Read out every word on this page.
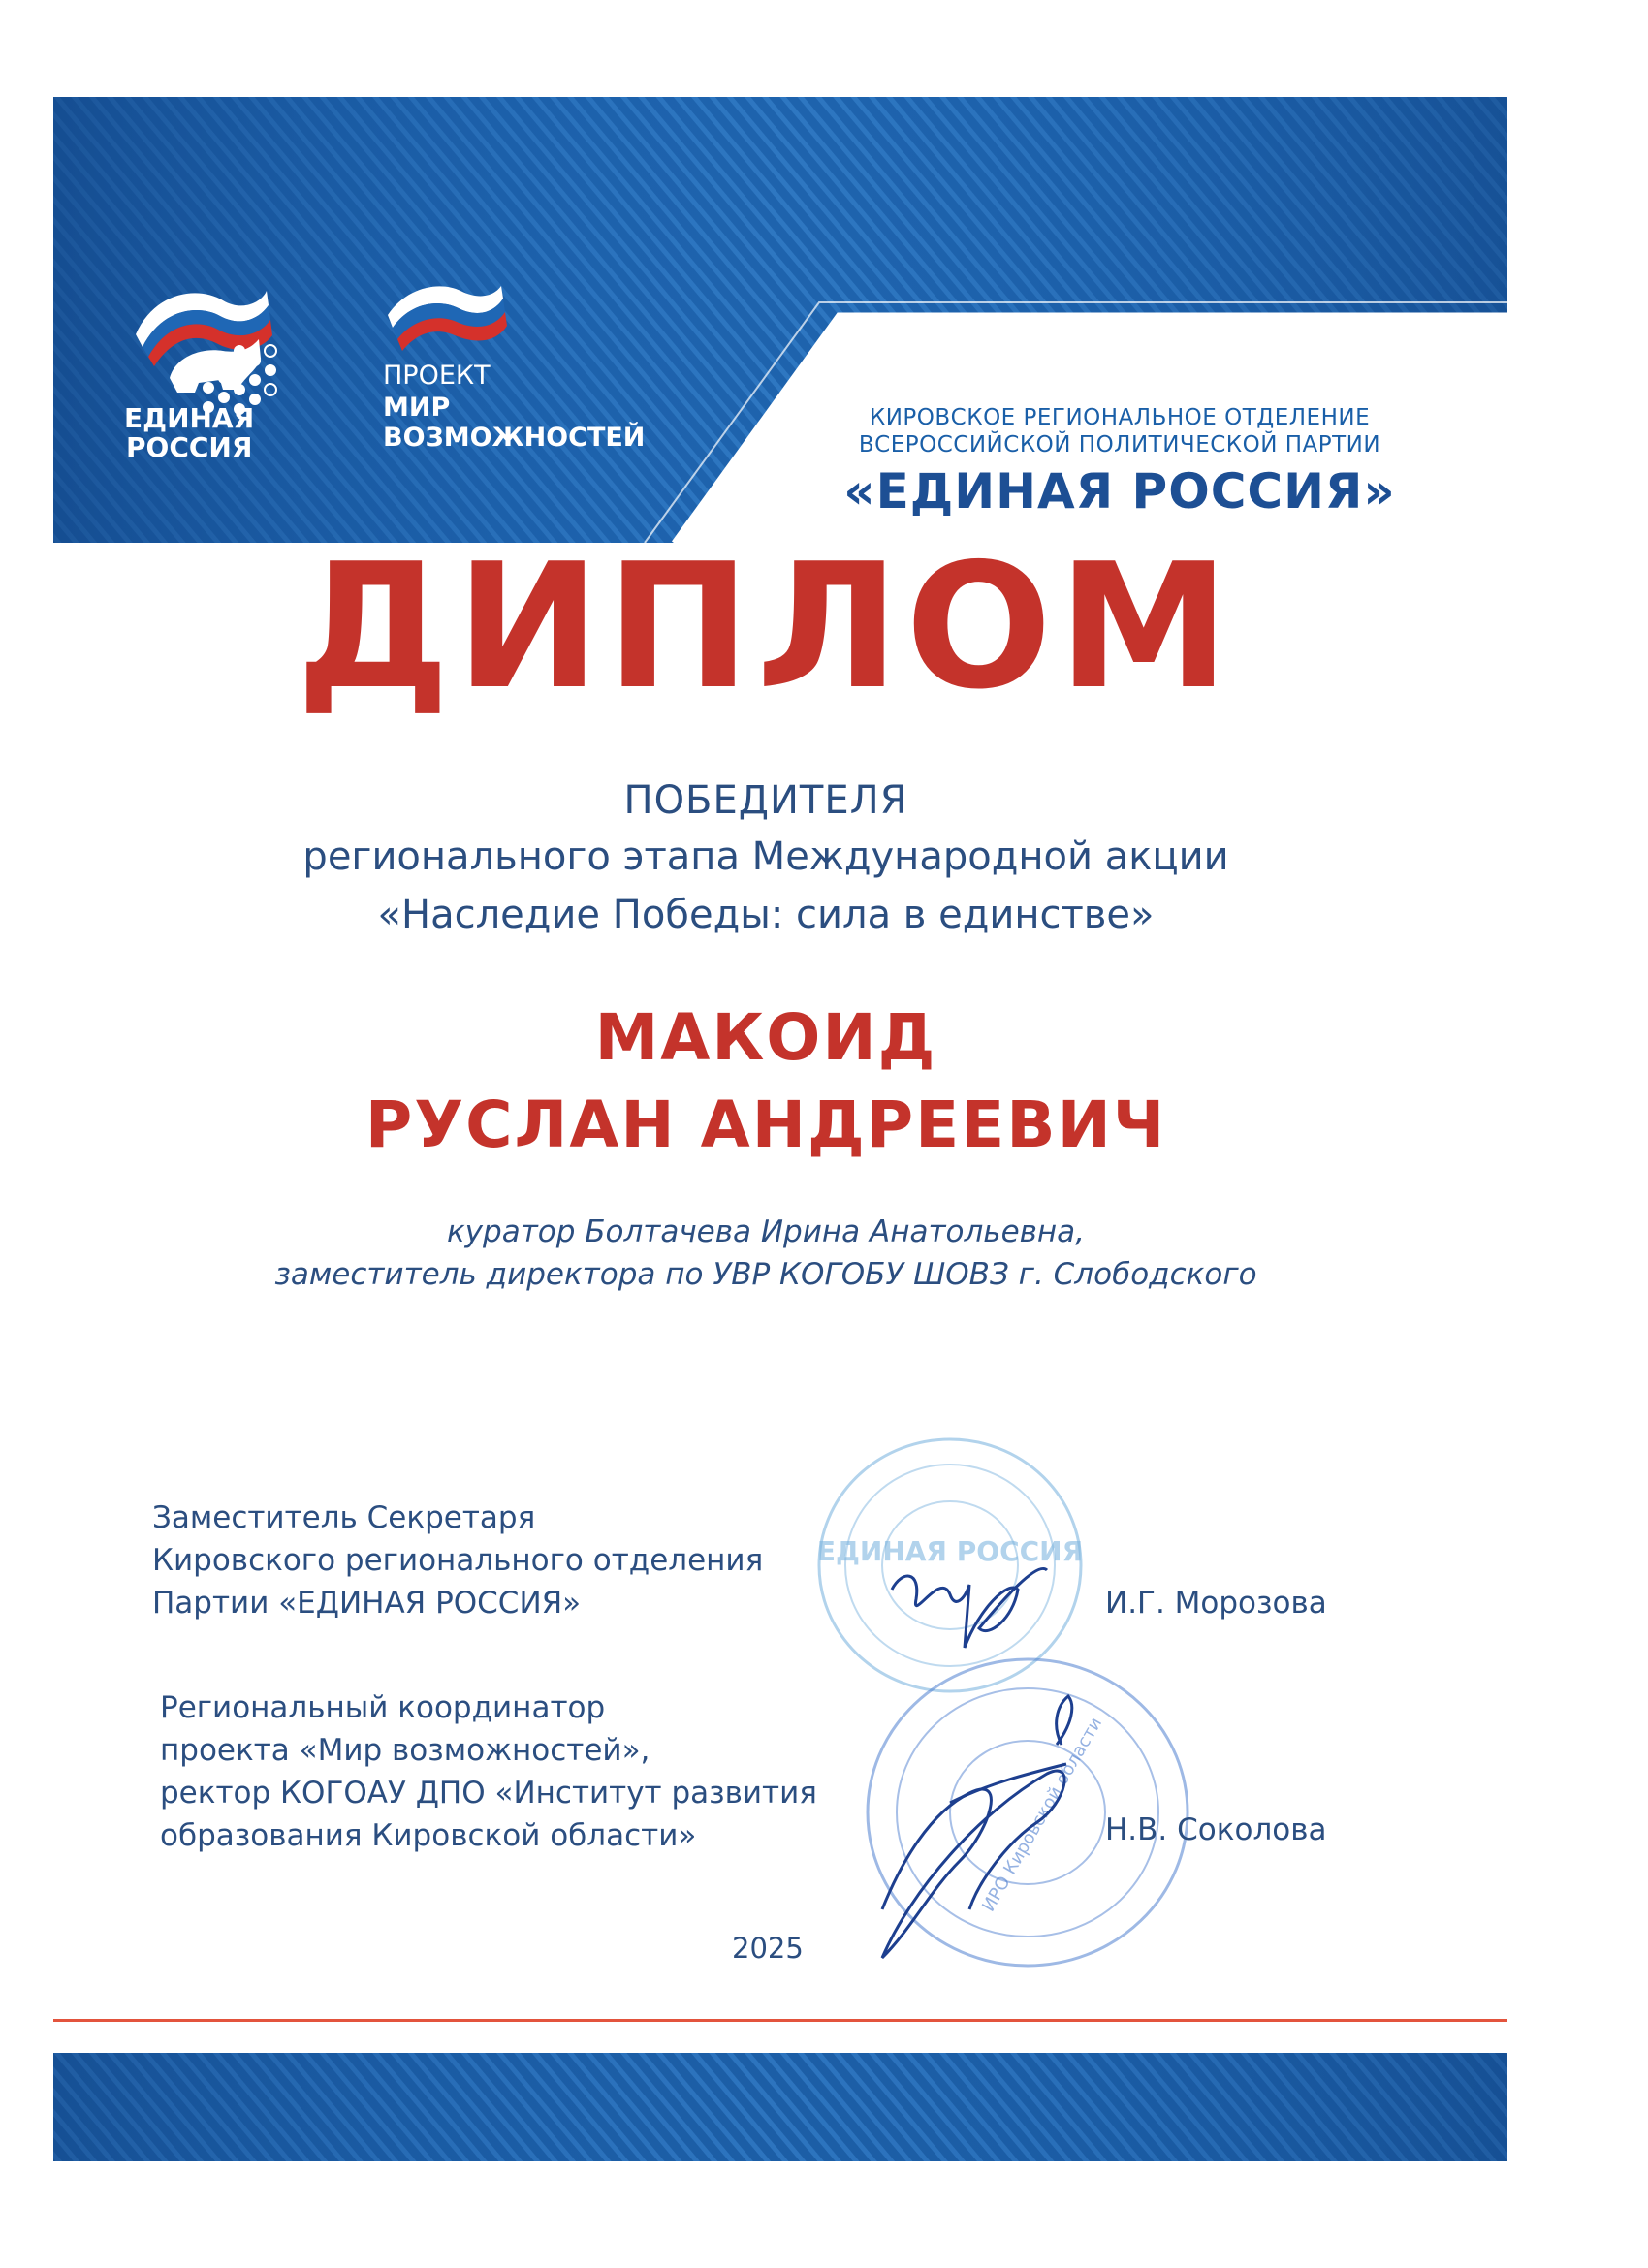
ЕДИНАЯ
РОССИЯ
ПРОЕКТ
МИР
ВОЗМОЖНОСТЕЙ
КИРОВСКОЕ РЕГИОНАЛЬНОЕ ОТДЕЛЕНИЕ
ВСЕРОССИЙСКОЙ ПОЛИТИЧЕСКОЙ ПАРТИИ
«ЕДИНАЯ РОССИЯ»
ДИПЛОМ
ПОБЕДИТЕЛЯ
регионального этапа Международной акции
«Наследие Победы: сила в единстве»
МАКОИД
РУСЛАН АНДРЕЕВИЧ
куратор Болтачева Ирина Анатольевна,
заместитель директора по УВР КОГОБУ ШОВЗ г. Слободского
ЕДИНАЯ РОССИЯ
ИРО Кировской области
Заместитель Секретаря
Кировского регионального отделения
Партии «ЕДИНАЯ РОССИЯ»	И.Г. Морозова
Региональный координатор
проекта «Мир возможностей»,
ректор КОГОАУ ДПО «Институт развития
образования Кировской области»	Н.В. Соколова
2025
